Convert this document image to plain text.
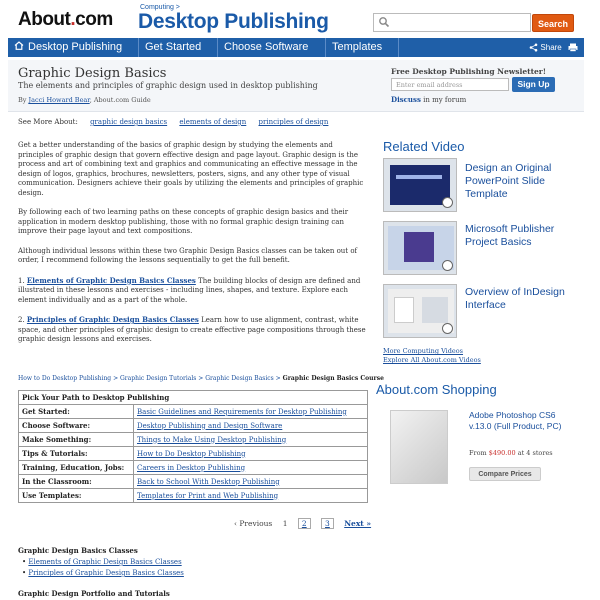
About.com
Computing >
Desktop Publishing	Search
Desktop Publishing	Get Started	Choose Software	Templates	Share
Graphic Design Basics
The elements and principles of graphic design used in desktop publishing
By Jacci Howard Bear, About.com Guide
Free Desktop Publishing Newsletter!
Enter email address	Sign Up
Discuss in my forum
See More About: graphic design basics elements of design principles of design

Get a better understanding of the basics of graphic design by studying the elements and principles of graphic design that govern effective design and page layout. Graphic design is the process and art of combining text and graphics and communicating an effective message in the design of logos, graphics, brochures, newsletters, posters, signs, and any other type of visual communication. Designers achieve their goals by utilizing the elements and principles of graphic design.

By following each of two learning paths on these concepts of graphic design basics and their application in modern desktop publishing, those with no formal graphic design training can improve their page layout and text compositions.

Although individual lessons within these two Graphic Design Basics classes can be taken out of order, I recommend following the lessons sequentially to get the full benefit.

1. Elements of Graphic Design Basics Classes The building blocks of design are defined and illustrated in these lessons and exercises - including lines, shapes, and texture. Explore each element individually and as a part of the whole.

2. Principles of Graphic Design Basics Classes Learn how to use alignment, contrast, white space, and other principles of graphic design to create effective page compositions through these graphic design lessons and exercises.

How to Do Desktop Publishing > Graphic Design Tutorials > Graphic Design Basics > Graphic Design Basics Course
Pick Your Path to Desktop Publishing	
Get Started:	Basic Guidelines and Requirements for Desktop Publishing
Choose Software:	Desktop Publishing and Design Software
Make Something:	Things to Make Using Desktop Publishing
Tips & Tutorials:	How to Do Desktop Publishing
Training, Education, Jobs:	Careers in Desktop Publishing
In the Classroom:	Back to School With Desktop Publishing
Use Templates:	Templates for Print and Web Publishing
‹ Previous 1 2 3 Next »
Graphic Design Basics Classes
• Elements of Graphic Design Basics Classes
• Principles of Graphic Design Basics Classes
Graphic Design Portfolio and Tutorials
Related Video
Design an Original PowerPoint Slide Template
Microsoft Publisher Project Basics
Overview of InDesign Interface
More Computing Videos
Explore All About.com Videos
About.com Shopping
Adobe Photoshop CS6 v.13.0 (Full Product, PC)
From $490.00 at 4 stores
Compare Prices
